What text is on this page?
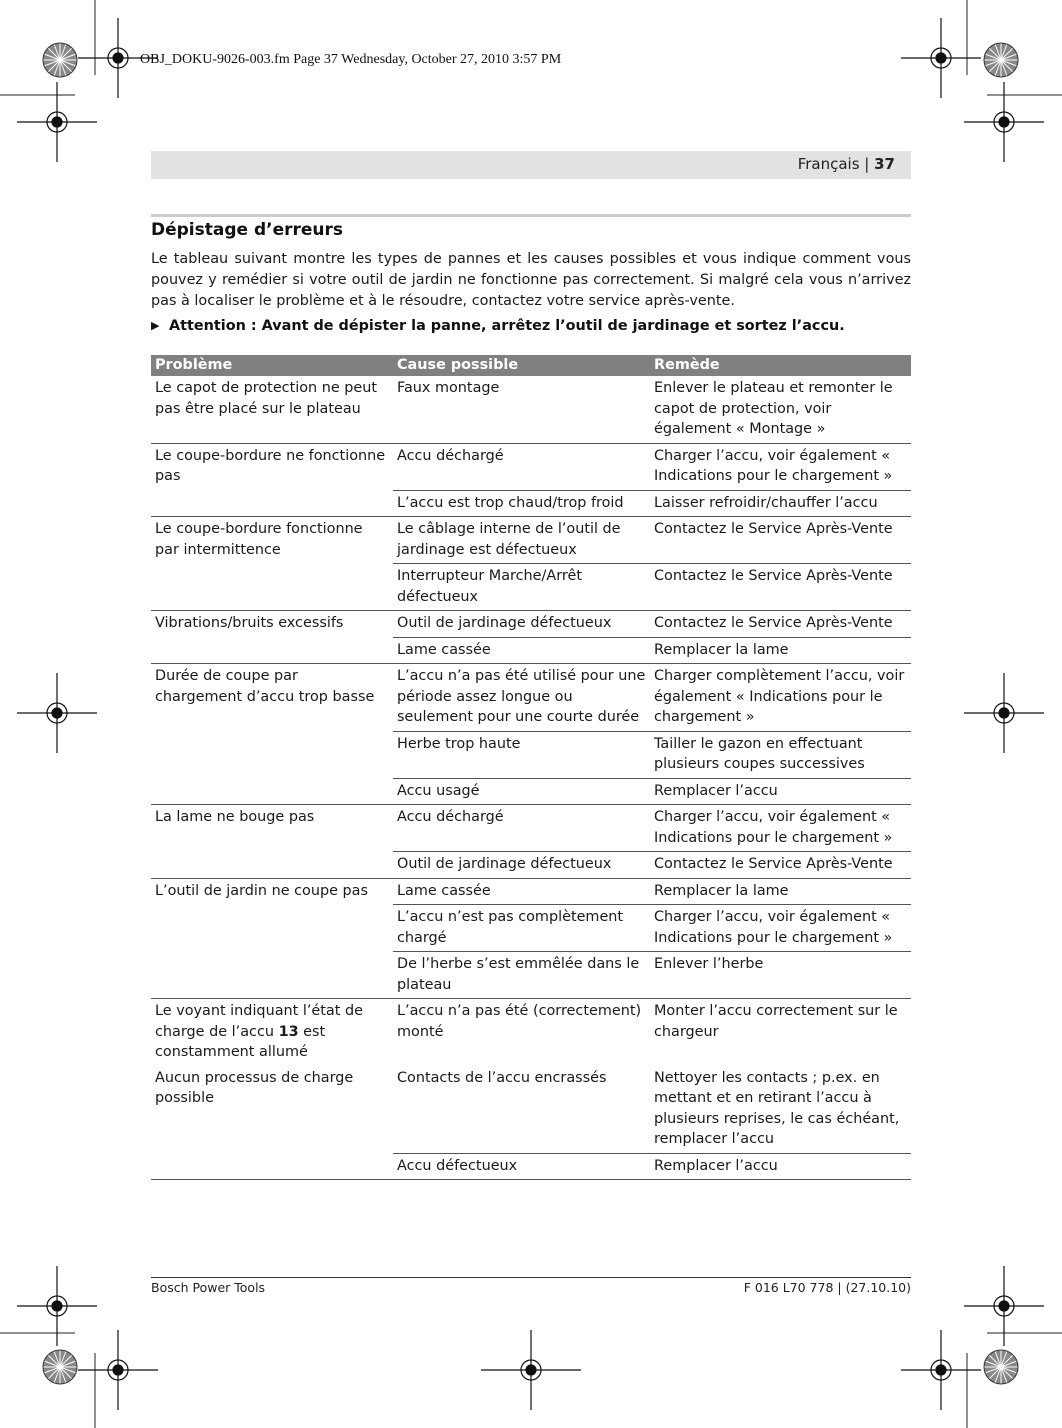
OBJ_DOKU-9026-003.fm Page 37 Wednesday, October 27, 2010 3:57 PM

Français | 37
Dépistage d’erreurs

Le tableau suivant montre les types de pannes et les causes possibles et vous indique comment vous pouvez y remédier si votre outil de jardin ne fonctionne pas correctement. Si malgré cela vous n’arrivez pas à localiser le problème et à le résoudre, contactez votre service après-vente.

▶ Attention : Avant de dépister la panne, arrêtez l’outil de jardinage et sortez l’accu.

Problème	Cause possible	Remède
Le capot de protection ne peut pas être placé sur le plateau	Faux montage	Enlever le plateau et remonter le capot de protection, voir également « Montage »
Le coupe-bordure ne fonctionne pas	Accu déchargé	Charger l’accu, voir également « Indications pour le chargement »
	L’accu est trop chaud/trop froid	Laisser refroidir/chauffer l’accu
Le coupe-bordure fonctionne par intermittence	Le câblage interne de l’outil de jardinage est défectueux	Contactez le Service Après-Vente
	Interrupteur Marche/Arrêt défectueux	Contactez le Service Après-Vente
Vibrations/bruits excessifs	Outil de jardinage défectueux	Contactez le Service Après-Vente
	Lame cassée	Remplacer la lame
Durée de coupe par chargement d’accu trop basse	L’accu n’a pas été utilisé pour une période assez longue ou seulement pour une courte durée	Charger complètement l’accu, voir également « Indications pour le chargement »
	Herbe trop haute	Tailler le gazon en effectuant plusieurs coupes successives
	Accu usagé	Remplacer l’accu
La lame ne bouge pas	Accu déchargé	Charger l’accu, voir également « Indications pour le chargement »
	Outil de jardinage défectueux	Contactez le Service Après-Vente
L’outil de jardin ne coupe pas	Lame cassée	Remplacer la lame
	L’accu n’est pas complètement chargé	Charger l’accu, voir également « Indications pour le chargement »
	De l’herbe s’est emmêlée dans le plateau	Enlever l’herbe
Le voyant indiquant l’état de charge de l’accu 13 est constamment allumé	L’accu n’a pas été (correctement) monté	Monter l’accu correctement sur le chargeur
Aucun processus de charge possible	Contacts de l’accu encrassés	Nettoyer les contacts ; p.ex. en mettant et en retirant l’accu à plusieurs reprises, le cas échéant, remplacer l’accu
	Accu défectueux	Remplacer l’accu
Bosch Power Tools	F 016 L70 778 | (27.10.10)
